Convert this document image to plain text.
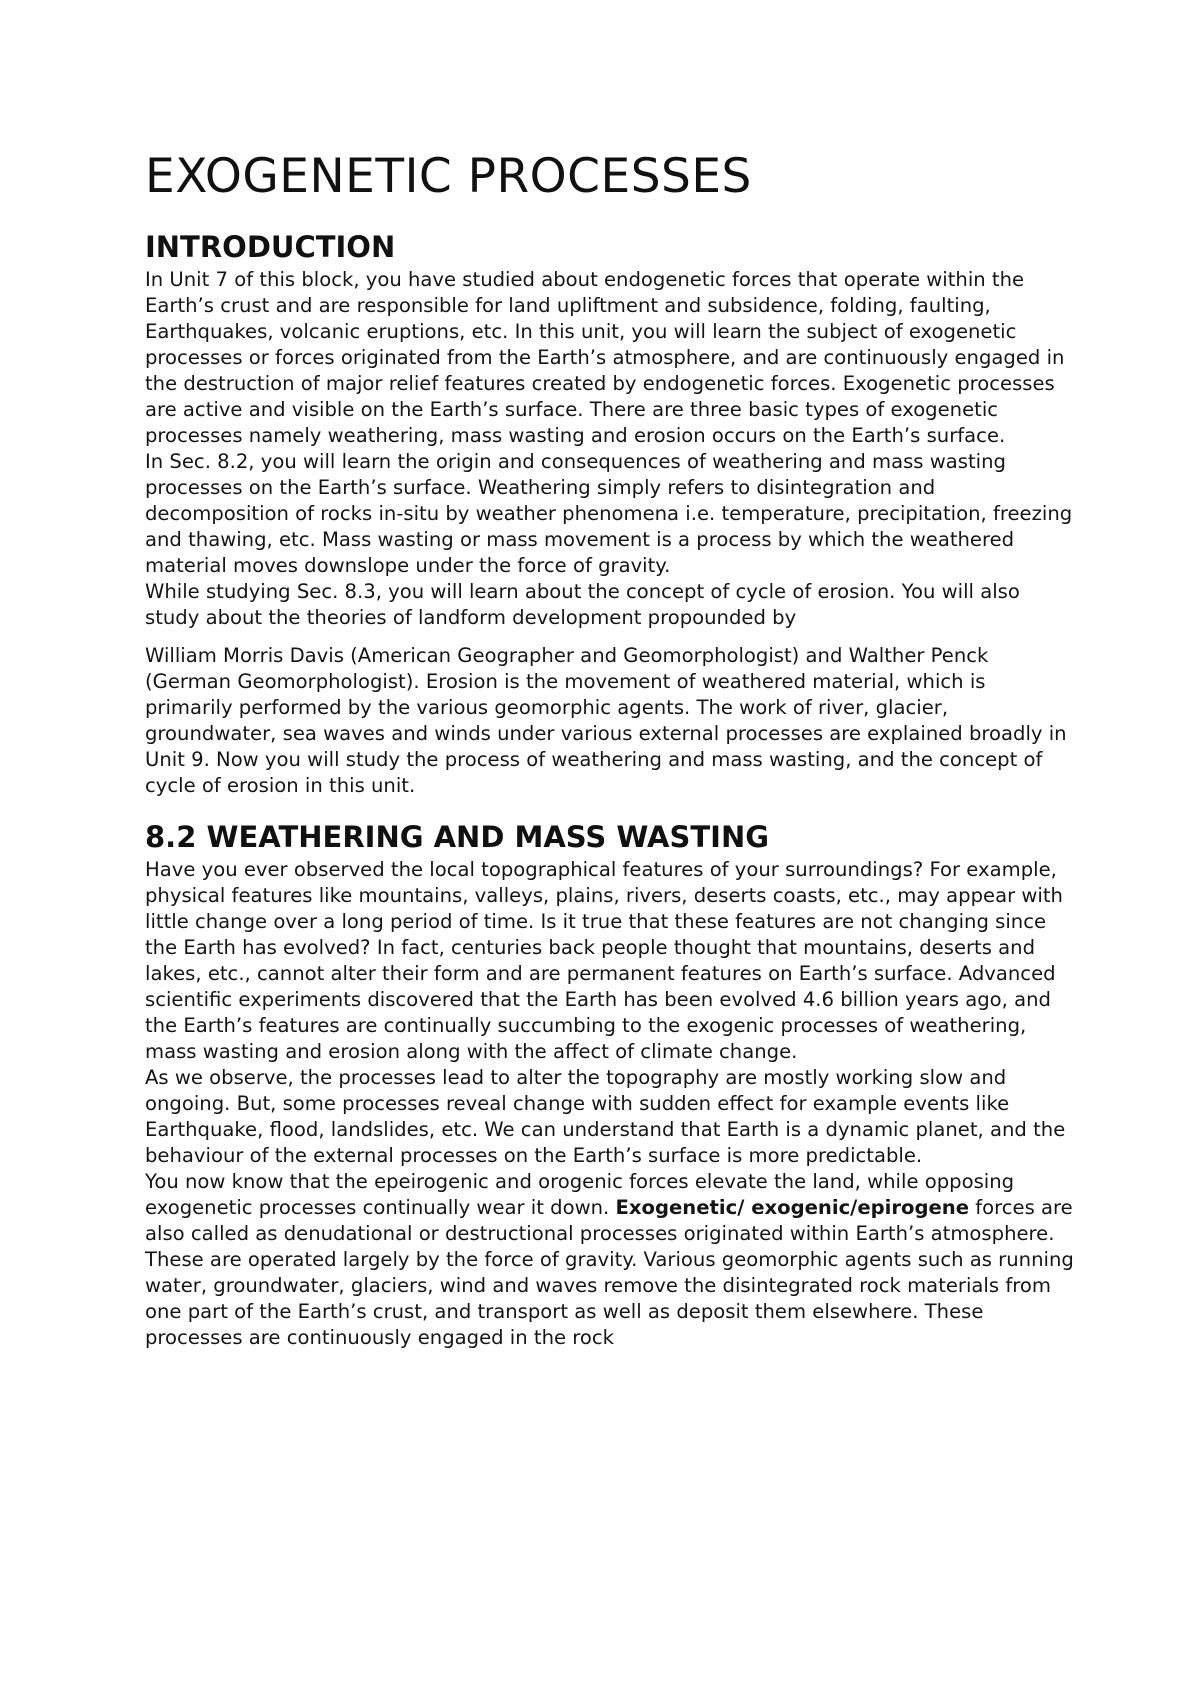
EXOGENETIC PROCESSES
INTRODUCTION

In Unit 7 of this block, you have studied about endogenetic forces that operate within the Earth’s crust and are responsible for land upliftment and subsidence, folding, faulting, Earthquakes, volcanic eruptions, etc. In this unit, you will learn the subject of exogenetic processes or forces originated from the Earth’s atmosphere, and are continuously engaged in the destruction of major relief features created by endogenetic forces. Exogenetic processes are active and visible on the Earth’s surface. There are three basic types of exogenetic processes namely weathering, mass wasting and erosion occurs on the Earth’s surface.

In Sec. 8.2, you will learn the origin and consequences of weathering and mass wasting processes on the Earth’s surface. Weathering simply refers to disintegration and decomposition of rocks in-situ by weather phenomena i.e. temperature, precipitation, freezing and thawing, etc. Mass wasting or mass movement is a process by which the weathered material moves downslope under the force of gravity.

While studying Sec. 8.3, you will learn about the concept of cycle of erosion. You will also study about the theories of landform development propounded by

William Morris Davis (American Geographer and Geomorphologist) and Walther Penck (German Geomorphologist). Erosion is the movement of weathered material, which is primarily performed by the various geomorphic agents. The work of river, glacier, groundwater, sea waves and winds under various external processes are explained broadly in Unit 9. Now you will study the process of weathering and mass wasting, and the concept of cycle of erosion in this unit.

8.2 WEATHERING AND MASS WASTING

Have you ever observed the local topographical features of your surroundings? For example, physical features like mountains, valleys, plains, rivers, deserts coasts, etc., may appear with little change over a long period of time. Is it true that these features are not changing since the Earth has evolved? In fact, centuries back people thought that mountains, deserts and lakes, etc., cannot alter their form and are permanent features on Earth’s surface. Advanced scientific experiments discovered that the Earth has been evolved 4.6 billion years ago, and the Earth’s features are continually succumbing to the exogenic processes of weathering, mass wasting and erosion along with the affect of climate change.

As we observe, the processes lead to alter the topography are mostly working slow and ongoing. But, some processes reveal change with sudden effect for example events like Earthquake, flood, landslides, etc. We can understand that Earth is a dynamic planet, and the behaviour of the external processes on the Earth’s surface is more predictable.

You now know that the epeirogenic and orogenic forces elevate the land, while opposing exogenetic processes continually wear it down. Exogenetic/ exogenic/epirogene forces are also called as denudational or destructional processes originated within Earth’s atmosphere. These are operated largely by the force of gravity. Various geomorphic agents such as running water, groundwater, glaciers, wind and waves remove the disintegrated rock materials from one part of the Earth’s crust, and transport as well as deposit them elsewhere. These processes are continuously engaged in the rock
